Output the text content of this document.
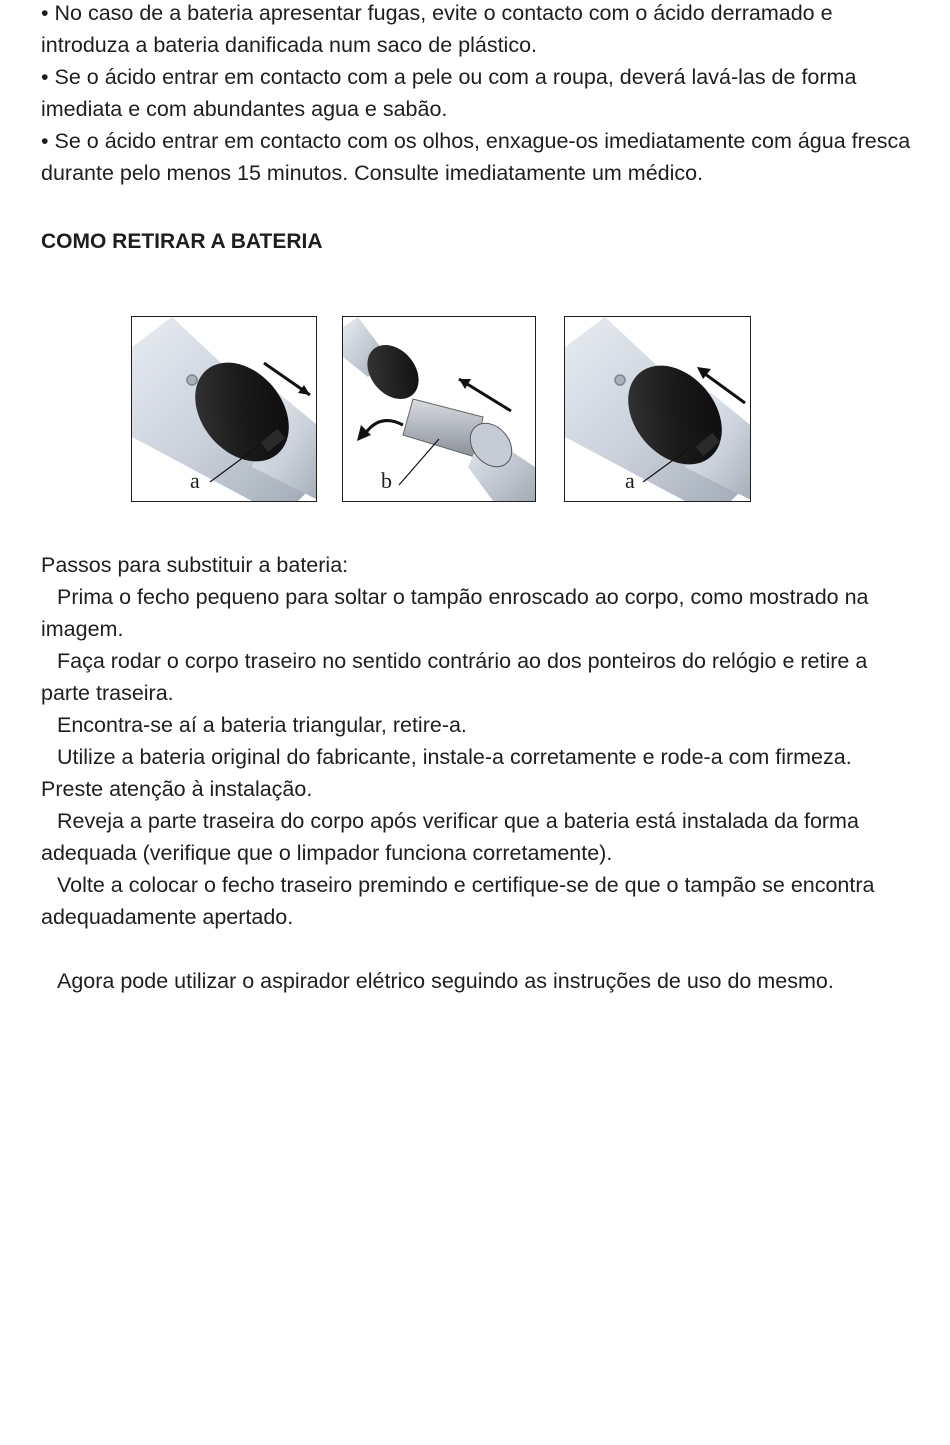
• No caso de a bateria apresentar fugas, evite o contacto com o ácido derramado e introduza a bateria danificada num saco de plástico.

• Se o ácido entrar em contacto com a pele ou com a roupa, deverá lavá-las de forma imediata e com abundantes agua e sabão.

• Se o ácido entrar em contacto com os olhos, enxague-os imediatamente com água fresca durante pelo menos 15 minutos. Consulte imediatamente um médico.

COMO RETIRAR A BATERIA
a	b	a

Passos para substituir a bateria:

Prima o fecho pequeno para soltar o tampão enroscado ao corpo, como mostrado na imagem.

Faça rodar o corpo traseiro no sentido contrário ao dos ponteiros do relógio e retire a parte traseira.

Encontra-se aí a bateria triangular, retire-a.

Utilize a bateria original do fabricante, instale-a corretamente e rode-a com firmeza. Preste atenção à instalação.

Reveja a parte traseira do corpo após verificar que a bateria está instalada da forma adequada (verifique que o limpador funciona corretamente).

Volte a colocar o fecho traseiro premindo e certifique-se de que o tampão se encontra adequadamente apertado.

Agora pode utilizar o aspirador elétrico seguindo as instruções de uso do mesmo.
